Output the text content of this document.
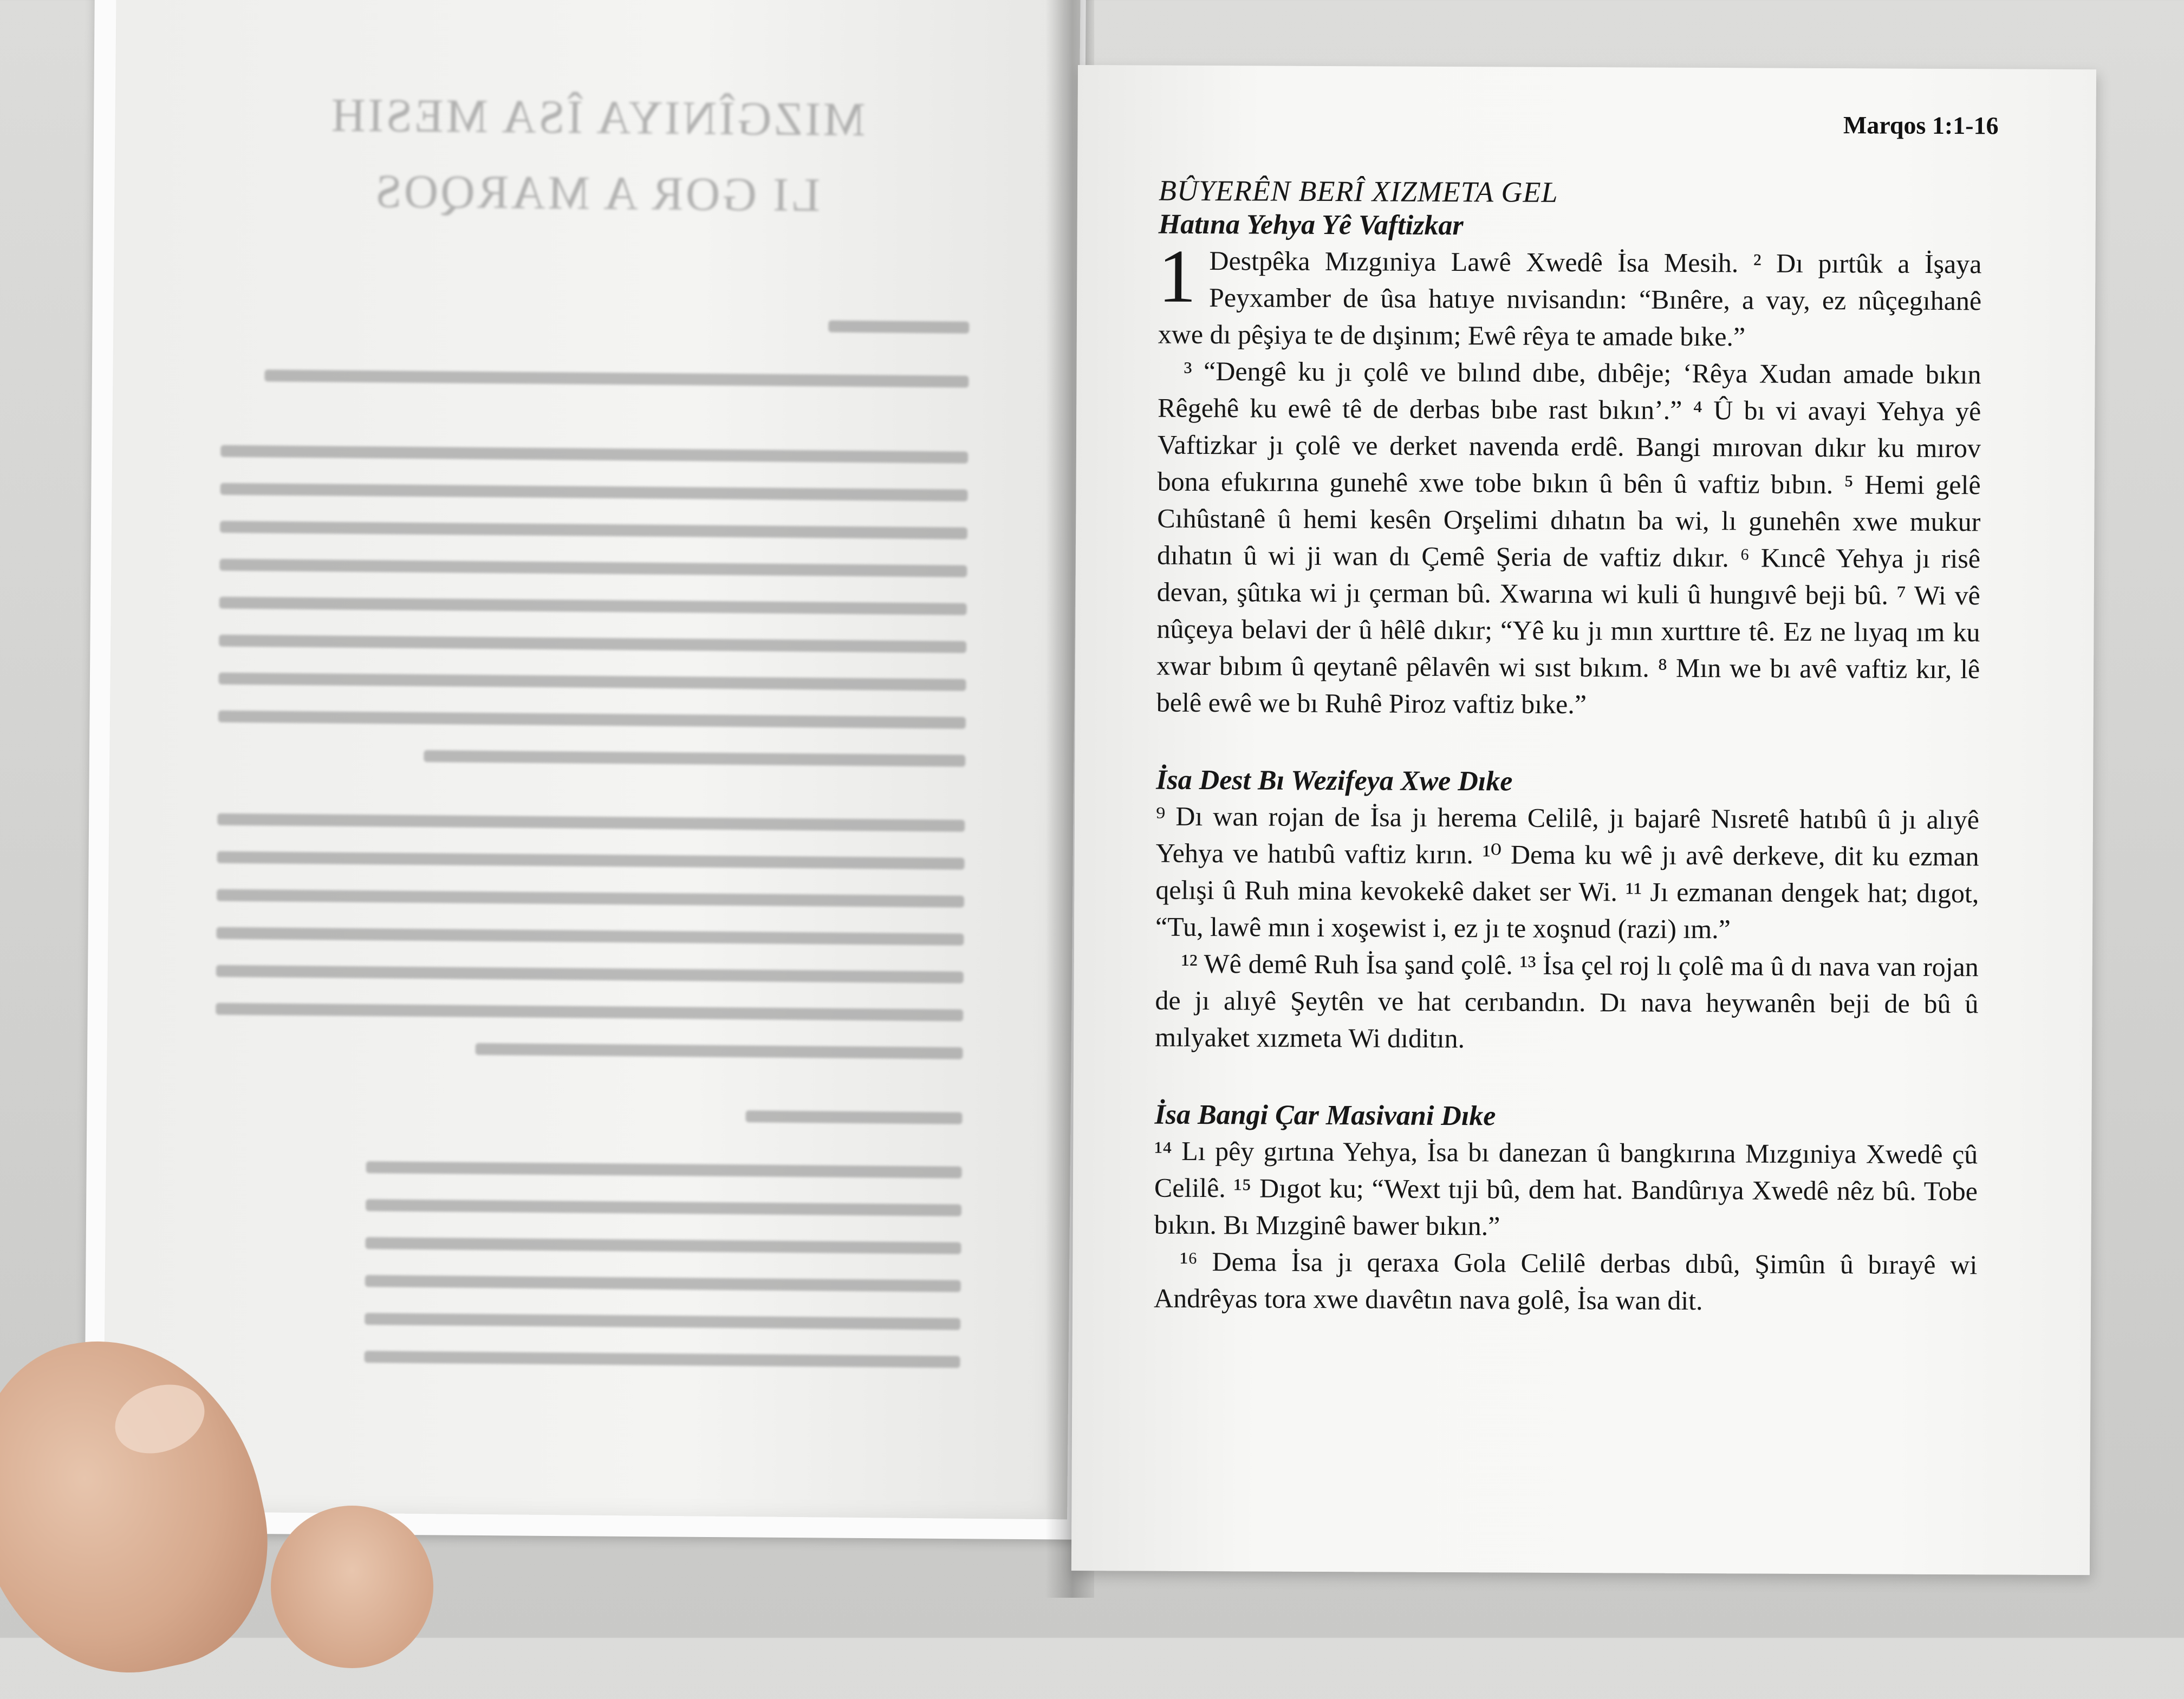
MIZGÎNIYA ÎSA MESIH
LI GOR A MARQOS
Marqos 1:1-16
BÛYERÊN BERÎ XIZMETA GEL
Hatına Yehya Yê Vaftizkar

1 Destpêka Mızgıniya Lawê Xwedê İsa Mesih. ² Dı pırtûk a İşaya Peyxamber de ûsa hatıye nıvisandın: “Bınêre, a vay, ez nûçegıhanê xwe dı pêşiya te de dışinım; Ewê rêya te amade bıke.”

³ “Dengê ku jı çolê ve bılınd dıbe, dıbêje; ‘Rêya Xudan amade bıkın Rêgehê ku ewê tê de derbas bıbe rast bıkın’.” ⁴ Û bı vi avayi Yehya yê Vaftizkar jı çolê ve derket navenda erdê. Bangi mırovan dıkır ku mırov bona efukırına gunehê xwe tobe bıkın û bên û vaftiz bıbın. ⁵ Hemi gelê Cıhûstanê û hemi kesên Orşelimi dıhatın ba wi, lı gunehên xwe mukur dıhatın û wi ji wan dı Çemê Şeria de vaftiz dıkır. ⁶ Kıncê Yehya jı risê devan, şûtıka wi jı çerman bû. Xwarına wi kuli û hungıvê beji bû. ⁷ Wi vê nûçeya belavi der û hêlê dıkır; “Yê ku jı mın xurttıre tê. Ez ne lıyaq ım ku xwar bıbım û qeytanê pêlavên wi sıst bıkım. ⁸ Mın we bı avê vaftiz kır, lê belê ewê we bı Ruhê Piroz vaftiz bıke.”

İsa Dest Bı Wezifeya Xwe Dıke

⁹ Dı wan rojan de İsa jı herema Celilê, jı bajarê Nısretê hatıbû û jı alıyê Yehya ve hatıbû vaftiz kırın. ¹⁰ Dema ku wê jı avê derkeve, dit ku ezman qelışi û Ruh mina kevokekê daket ser Wi. ¹¹ Jı ezmanan dengek hat; dıgot, “Tu, lawê mın i xoşewist i, ez jı te xoşnud (razi) ım.”

¹² Wê demê Ruh İsa şand çolê. ¹³ İsa çel roj lı çolê ma û dı nava van rojan de jı alıyê Şeytên ve hat cerıbandın. Dı nava heywanên beji de bû û mılyaket xızmeta Wi dıditın.

İsa Bangi Çar Masivani Dıke

¹⁴ Lı pêy gırtına Yehya, İsa bı danezan û bangkırına Mızgıniya Xwedê çû Celilê. ¹⁵ Dıgot ku; “Wext tıji bû, dem hat. Bandûrıya Xwedê nêz bû. Tobe bıkın. Bı Mızginê bawer bıkın.”

¹⁶ Dema İsa jı qeraxa Gola Celilê derbas dıbû, Şimûn û bırayê wi Andrêyas tora xwe dıavêtın nava golê, İsa wan dit.
